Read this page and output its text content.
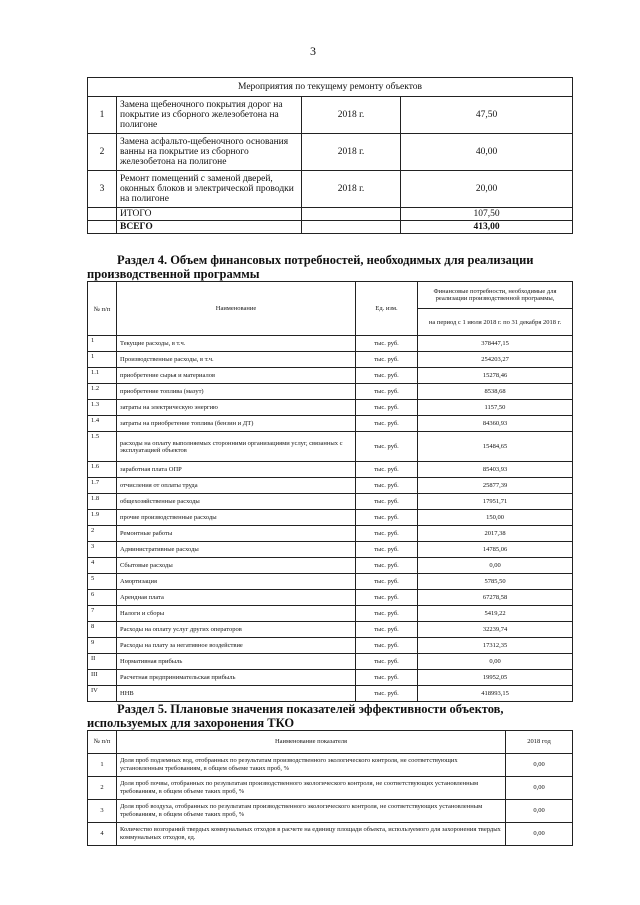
3
Мероприятия по текущему ремонту объектов			
1	Замена щебеночного покрытия дорог на покрытие из сборного железобетона на полигоне	2018 г.	47,50
2	Замена асфальто-щебеночного основания ванны на покрытие из сборного железобетона на полигоне	2018 г.	40,00
3	Ремонт помещений с заменой дверей, оконных блоков и электрической проводки на полигоне	2018 г.	20,00
	ИТОГО		107,50
	ВСЕГО		413,00
Раздел 4. Объем финансовых потребностей, необходимых для реализации производственной программы
№ п/п	Наименование	Ед. изм.	Финансовые потребности, необходимые для реализации производственной программы,
			на период с 1 июля 2018 г. по 31 декабря 2018 г.
1	Текущие расходы, в т.ч.	тыс. руб.	378447,15
1	Производственные расходы, в т.ч.	тыс. руб.	254203,27
1.1	приобретение сырья и материалов	тыс. руб.	15278,46
1.2	приобретение топлива (мазут)	тыс. руб.	8538,68
1.3	затраты на электрическую энергию	тыс. руб.	1157,50
1.4	затраты на приобретение топлива (бензин и ДТ)	тыс. руб.	84360,93
1.5	расходы на оплату выполняемых сторонними организациями услуг, связанных с эксплуатацией объектов	тыс. руб.	15484,65
1.6	заработная плата ОПР	тыс. руб.	85403,93
1.7	отчисления от оплаты труда	тыс. руб.	25877,39
1.8	общехозяйственные расходы	тыс. руб.	17951,71
1.9	прочие производственные расходы	тыс. руб.	150,00
2	Ремонтные работы	тыс. руб.	2017,38
3	Административные расходы	тыс. руб.	14785,06
4	Сбытовые расходы	тыс. руб.	0,00
5	Амортизация	тыс. руб.	5785,50
6	Арендная плата	тыс. руб.	67278,58
7	Налоги и сборы	тыс. руб.	5419,22
8	Расходы на оплату услуг других операторов	тыс. руб.	32239,74
9	Расходы на плату за негативное воздействие	тыс. руб.	17312,35
II	Нормативная прибыль	тыс. руб.	0,00
III	Расчетная предпринимательская прибыль	тыс. руб.	19952,05
IV	ННВ	тыс. руб.	418993,15
Раздел 5. Плановые значения показателей эффективности объектов, используемых для захоронения ТКО
№ п/п	Наименование показателя	2018 год
1	Доля проб подземных вод, отобранных по результатам производственного экологического контроля, не соответствующих установленным требованиям, в общем объеме таких проб, %	0,00
2	Доля проб почвы, отобранных по результатам производственного экологического контроля, не соответствующих установленным требованиям, в общем объеме таких проб, %	0,00
3	Доля проб воздуха, отобранных по результатам производственного экологического контроля, не соответствующих установленным требованиям, в общем объеме таких проб, %	0,00
4	Количество возгораний твердых коммунальных отходов в расчете на единицу площади объекта, используемого для захоронения твердых коммунальных отходов, ед.	0,00
